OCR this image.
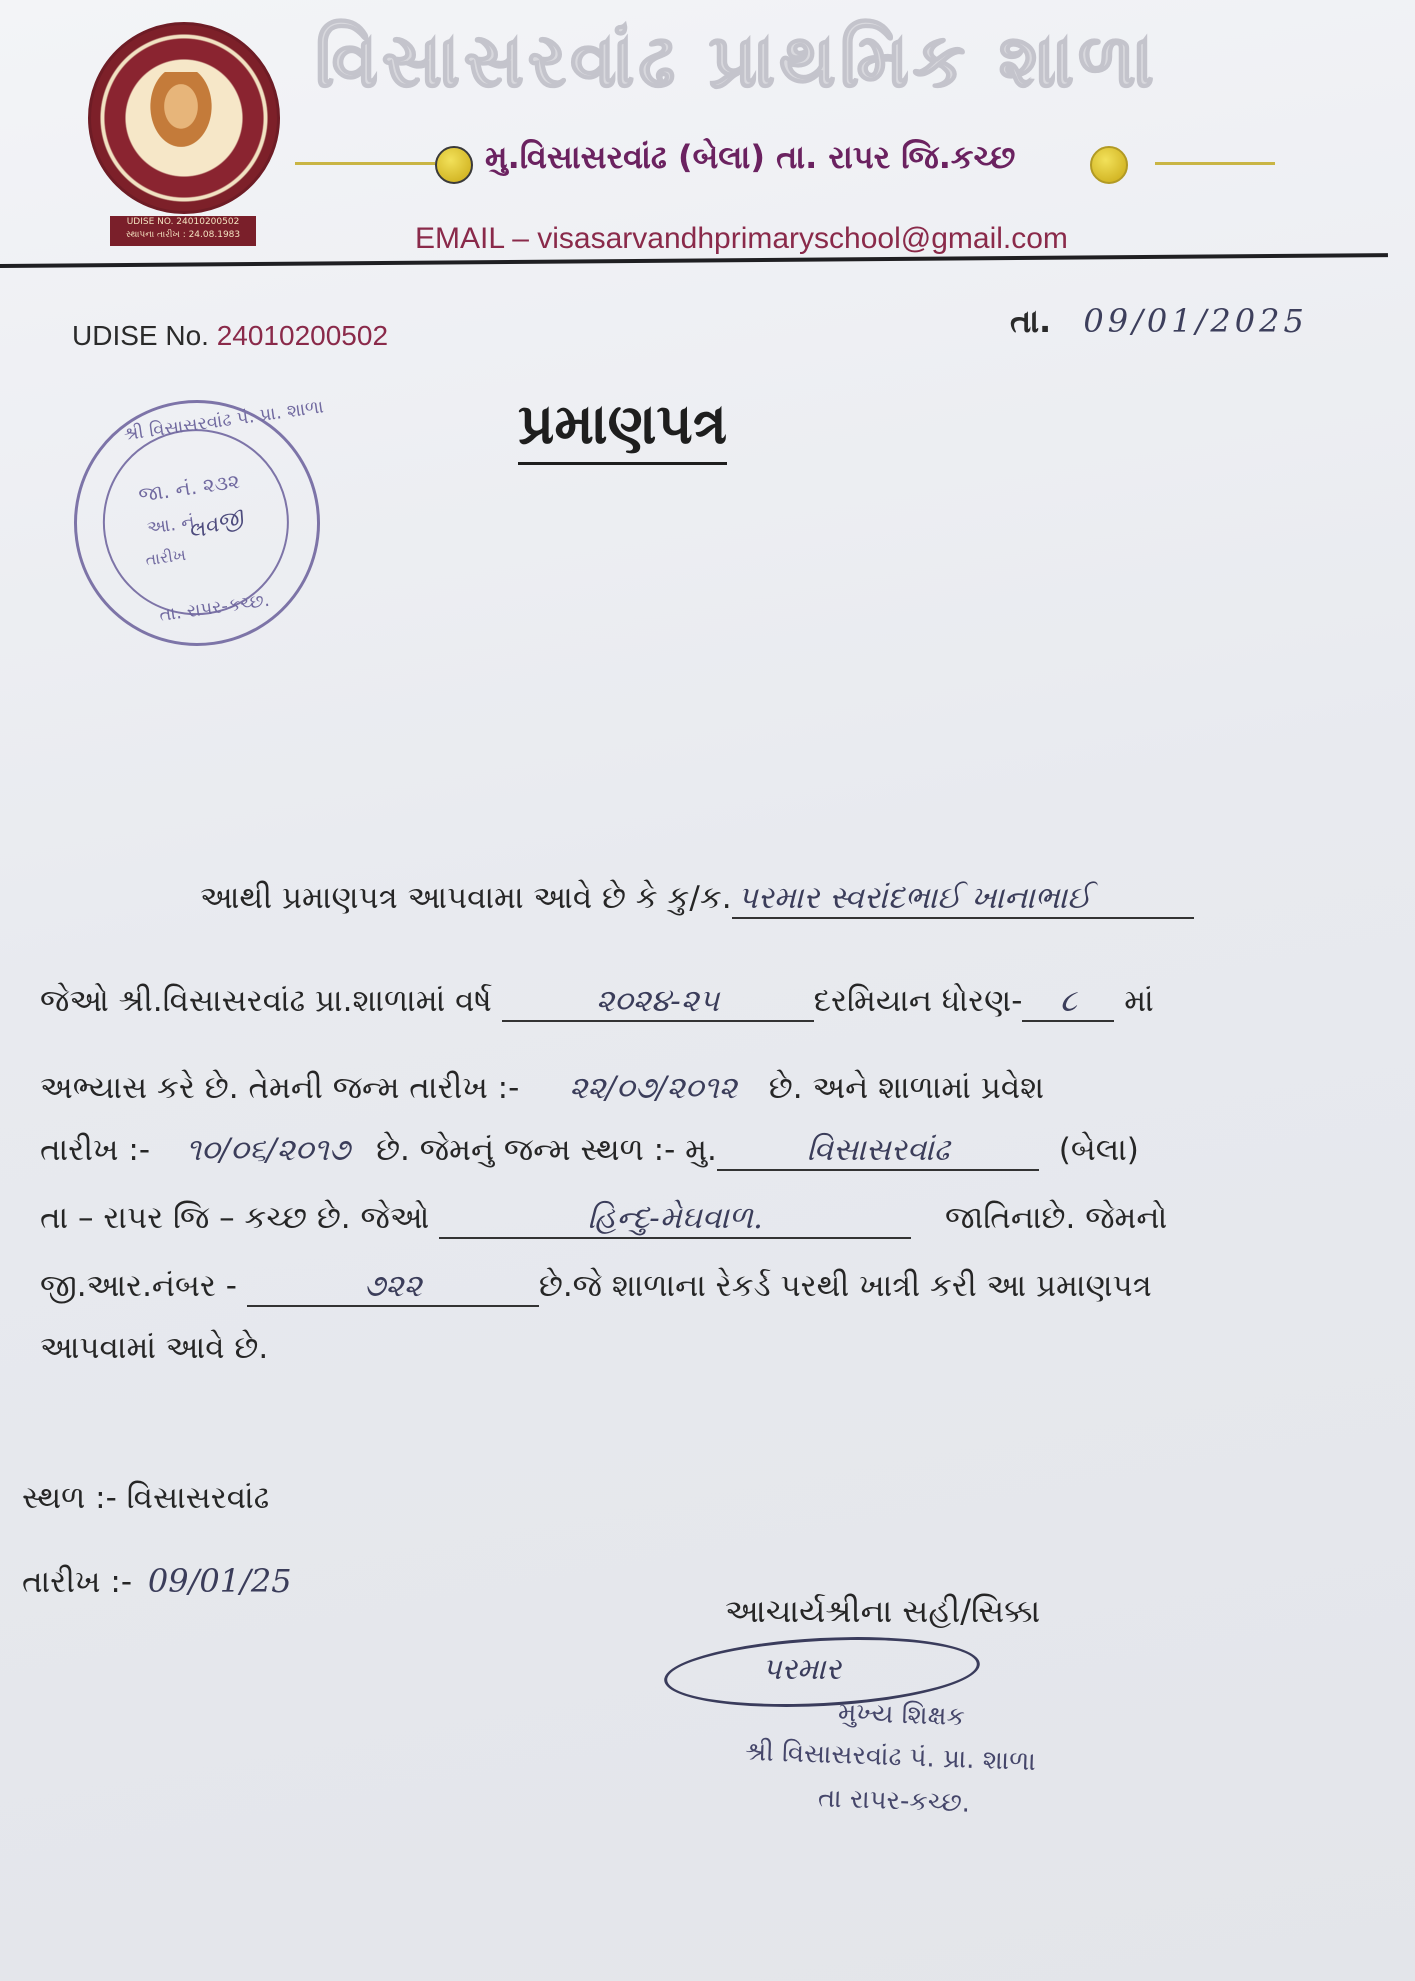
UDISE NO. 24010200502
સ્થાપના તારીખ : 24.08.1983
વિસાસરવાંઢ પ્રાથમિક શાળા
મુ.વિસાસરવાંઢ (બેલા) તા. રાપર જિ.કચ્છ
EMAIL – visasarvandhprimaryschool@gmail.com
UDISE No. 24010200502	તા. 09/01/2025
શ્રી વિસાસરવાંઢ પં. પ્રા. શાળા
જા. નં. ૨૩૨
આ. નં.
તારીખ
લવજી
તા. રાપર-કચ્છ.
પ્રમાણપત્ર
આથી પ્રમાણપત્ર આપવામા આવે છે કે કુ/ક. પરમાર સ્વરાંદભાઈ ખાનાભાઈ
જેઓ શ્રી.વિસાસરવાંઢ પ્રા.શાળામાં વર્ષ	૨૦૨૪-૨૫	દરમિયાન ધોરણ- ૮ માં
અભ્યાસ કરે છે. તેમની જન્મ તારીખ :- ૨૨/૦૭/૨૦૧૨ છે. અને શાળામાં પ્રવેશ
તારીખ :- ૧૦/૦૬/૨૦૧૭ છે. જેમનું જન્મ સ્થળ :- મુ.	વિસાસરવાંઢ	(બેલા)
તા – રાપર જિ – કચ્છ છે. જેઓ	હિન્દુ-મેઘવાળ.	જાતિનાછે. જેમનો
જી.આર.નંબર -	૭૨૨	છે.જે શાળાના રેકર્ડ પરથી ખાત્રી કરી આ પ્રમાણપત્ર
આપવામાં આવે છે.
સ્થળ :- વિસાસરવાંઢ
તારીખ :- 09/01/25
આચાર્યશ્રીના સહી/સિક્કા
પરમાર
મુખ્ય શિક્ષક
શ્રી વિસાસરવાંઢ પં. પ્રા. શાળા
તા રાપર-કચ્છ.
